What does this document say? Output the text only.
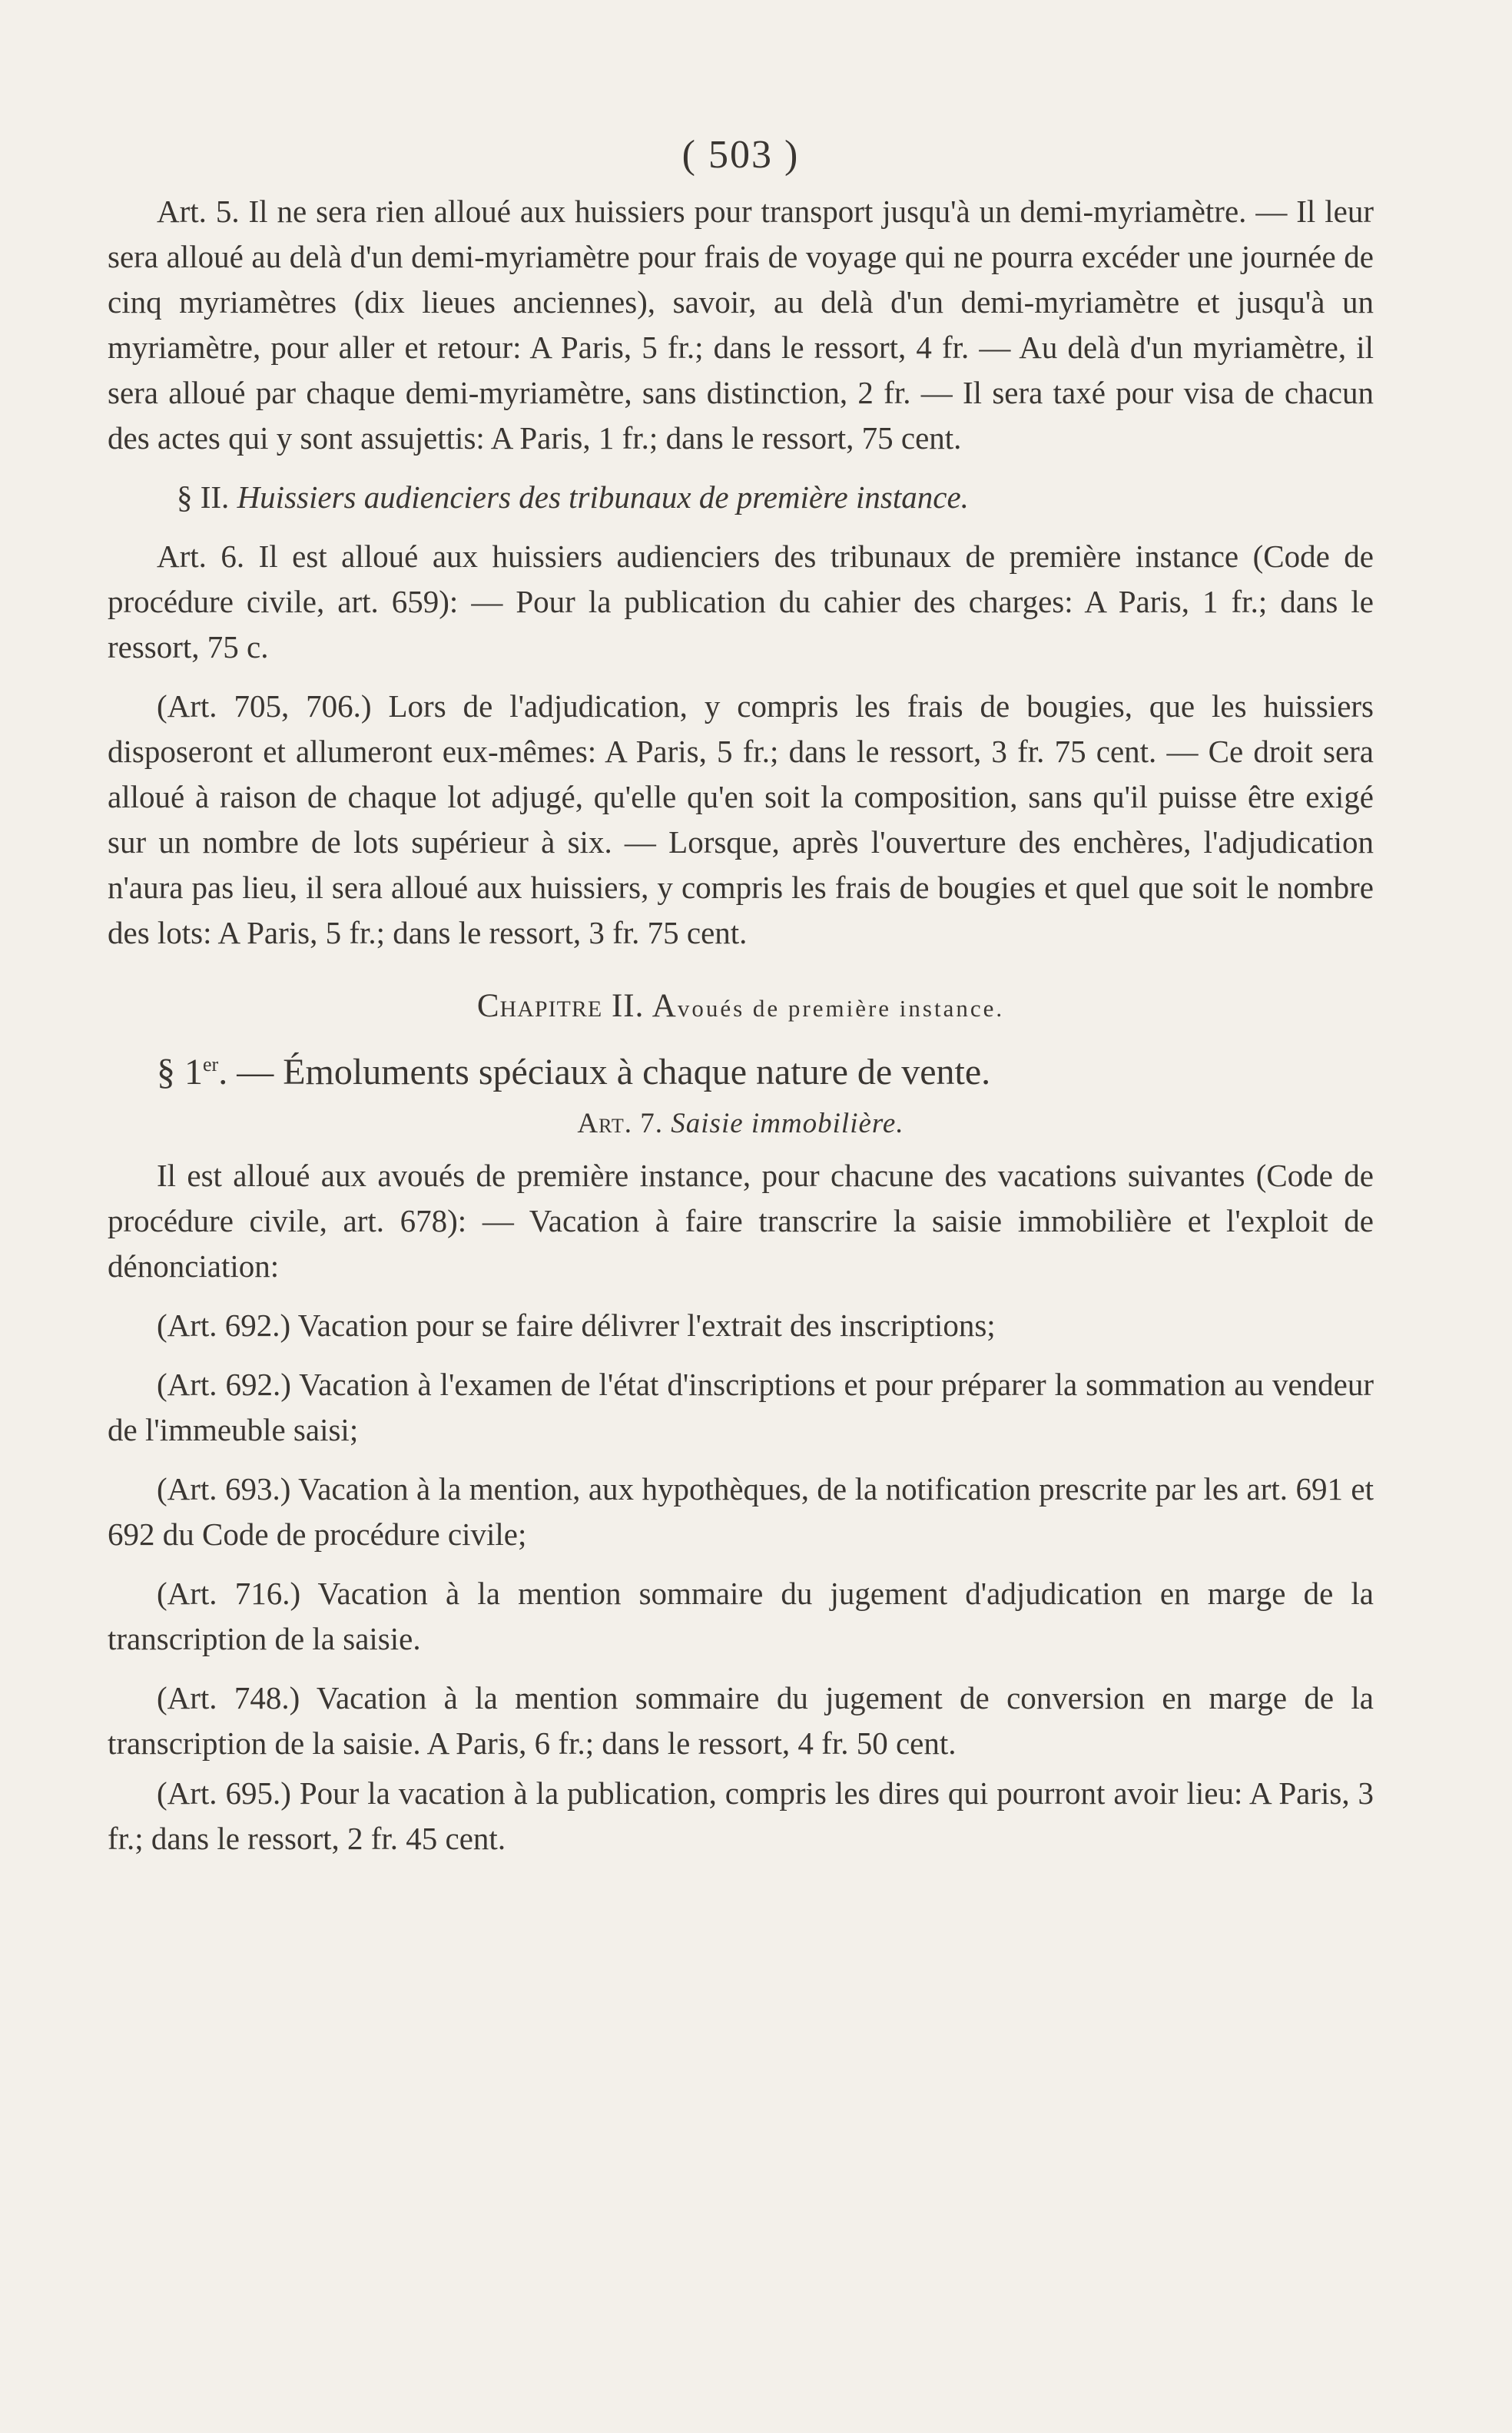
( 503 )

Art. 5. Il ne sera rien alloué aux huissiers pour transport jusqu'à un demi-myriamètre. — Il leur sera alloué au delà d'un demi-myriamètre pour frais de voyage qui ne pourra excéder une journée de cinq myriamètres (dix lieues anciennes), savoir, au delà d'un demi-myriamètre et jusqu'à un myriamètre, pour aller et retour: A Paris, 5 fr.; dans le ressort, 4 fr. — Au delà d'un myriamètre, il sera alloué par chaque demi-myriamètre, sans distinction, 2 fr. — Il sera taxé pour visa de chacun des actes qui y sont assujettis: A Paris, 1 fr.; dans le ressort, 75 cent.

§ II. Huissiers audienciers des tribunaux de première instance.

Art. 6. Il est alloué aux huissiers audienciers des tribunaux de première instance (Code de procédure civile, art. 659): — Pour la publication du cahier des charges: A Paris, 1 fr.; dans le ressort, 75 c.

(Art. 705, 706.) Lors de l'adjudication, y compris les frais de bougies, que les huissiers disposeront et allumeront eux-mêmes: A Paris, 5 fr.; dans le ressort, 3 fr. 75 cent. — Ce droit sera alloué à raison de chaque lot adjugé, qu'elle qu'en soit la composition, sans qu'il puisse être exigé sur un nombre de lots supérieur à six. — Lorsque, après l'ouverture des enchères, l'adjudication n'aura pas lieu, il sera alloué aux huissiers, y compris les frais de bougies et quel que soit le nombre des lots: A Paris, 5 fr.; dans le ressort, 3 fr. 75 cent.

Chapitre II. Avoués de première instance.
§ 1er. — Émoluments spéciaux à chaque nature de vente.
Art. 7. Saisie immobilière.

Il est alloué aux avoués de première instance, pour chacune des vacations suivantes (Code de procédure civile, art. 678): — Vacation à faire transcrire la saisie immobilière et l'exploit de dénonciation:

(Art. 692.) Vacation pour se faire délivrer l'extrait des inscriptions;

(Art. 692.) Vacation à l'examen de l'état d'inscriptions et pour préparer la sommation au vendeur de l'immeuble saisi;

(Art. 693.) Vacation à la mention, aux hypothèques, de la notification prescrite par les art. 691 et 692 du Code de procédure civile;

(Art. 716.) Vacation à la mention sommaire du jugement d'adjudication en marge de la transcription de la saisie.

(Art. 748.) Vacation à la mention sommaire du jugement de conversion en marge de la transcription de la saisie. A Paris, 6 fr.; dans le ressort, 4 fr. 50 cent.

(Art. 695.) Pour la vacation à la publication, compris les dires qui pourront avoir lieu: A Paris, 3 fr.; dans le ressort, 2 fr. 45 cent.
